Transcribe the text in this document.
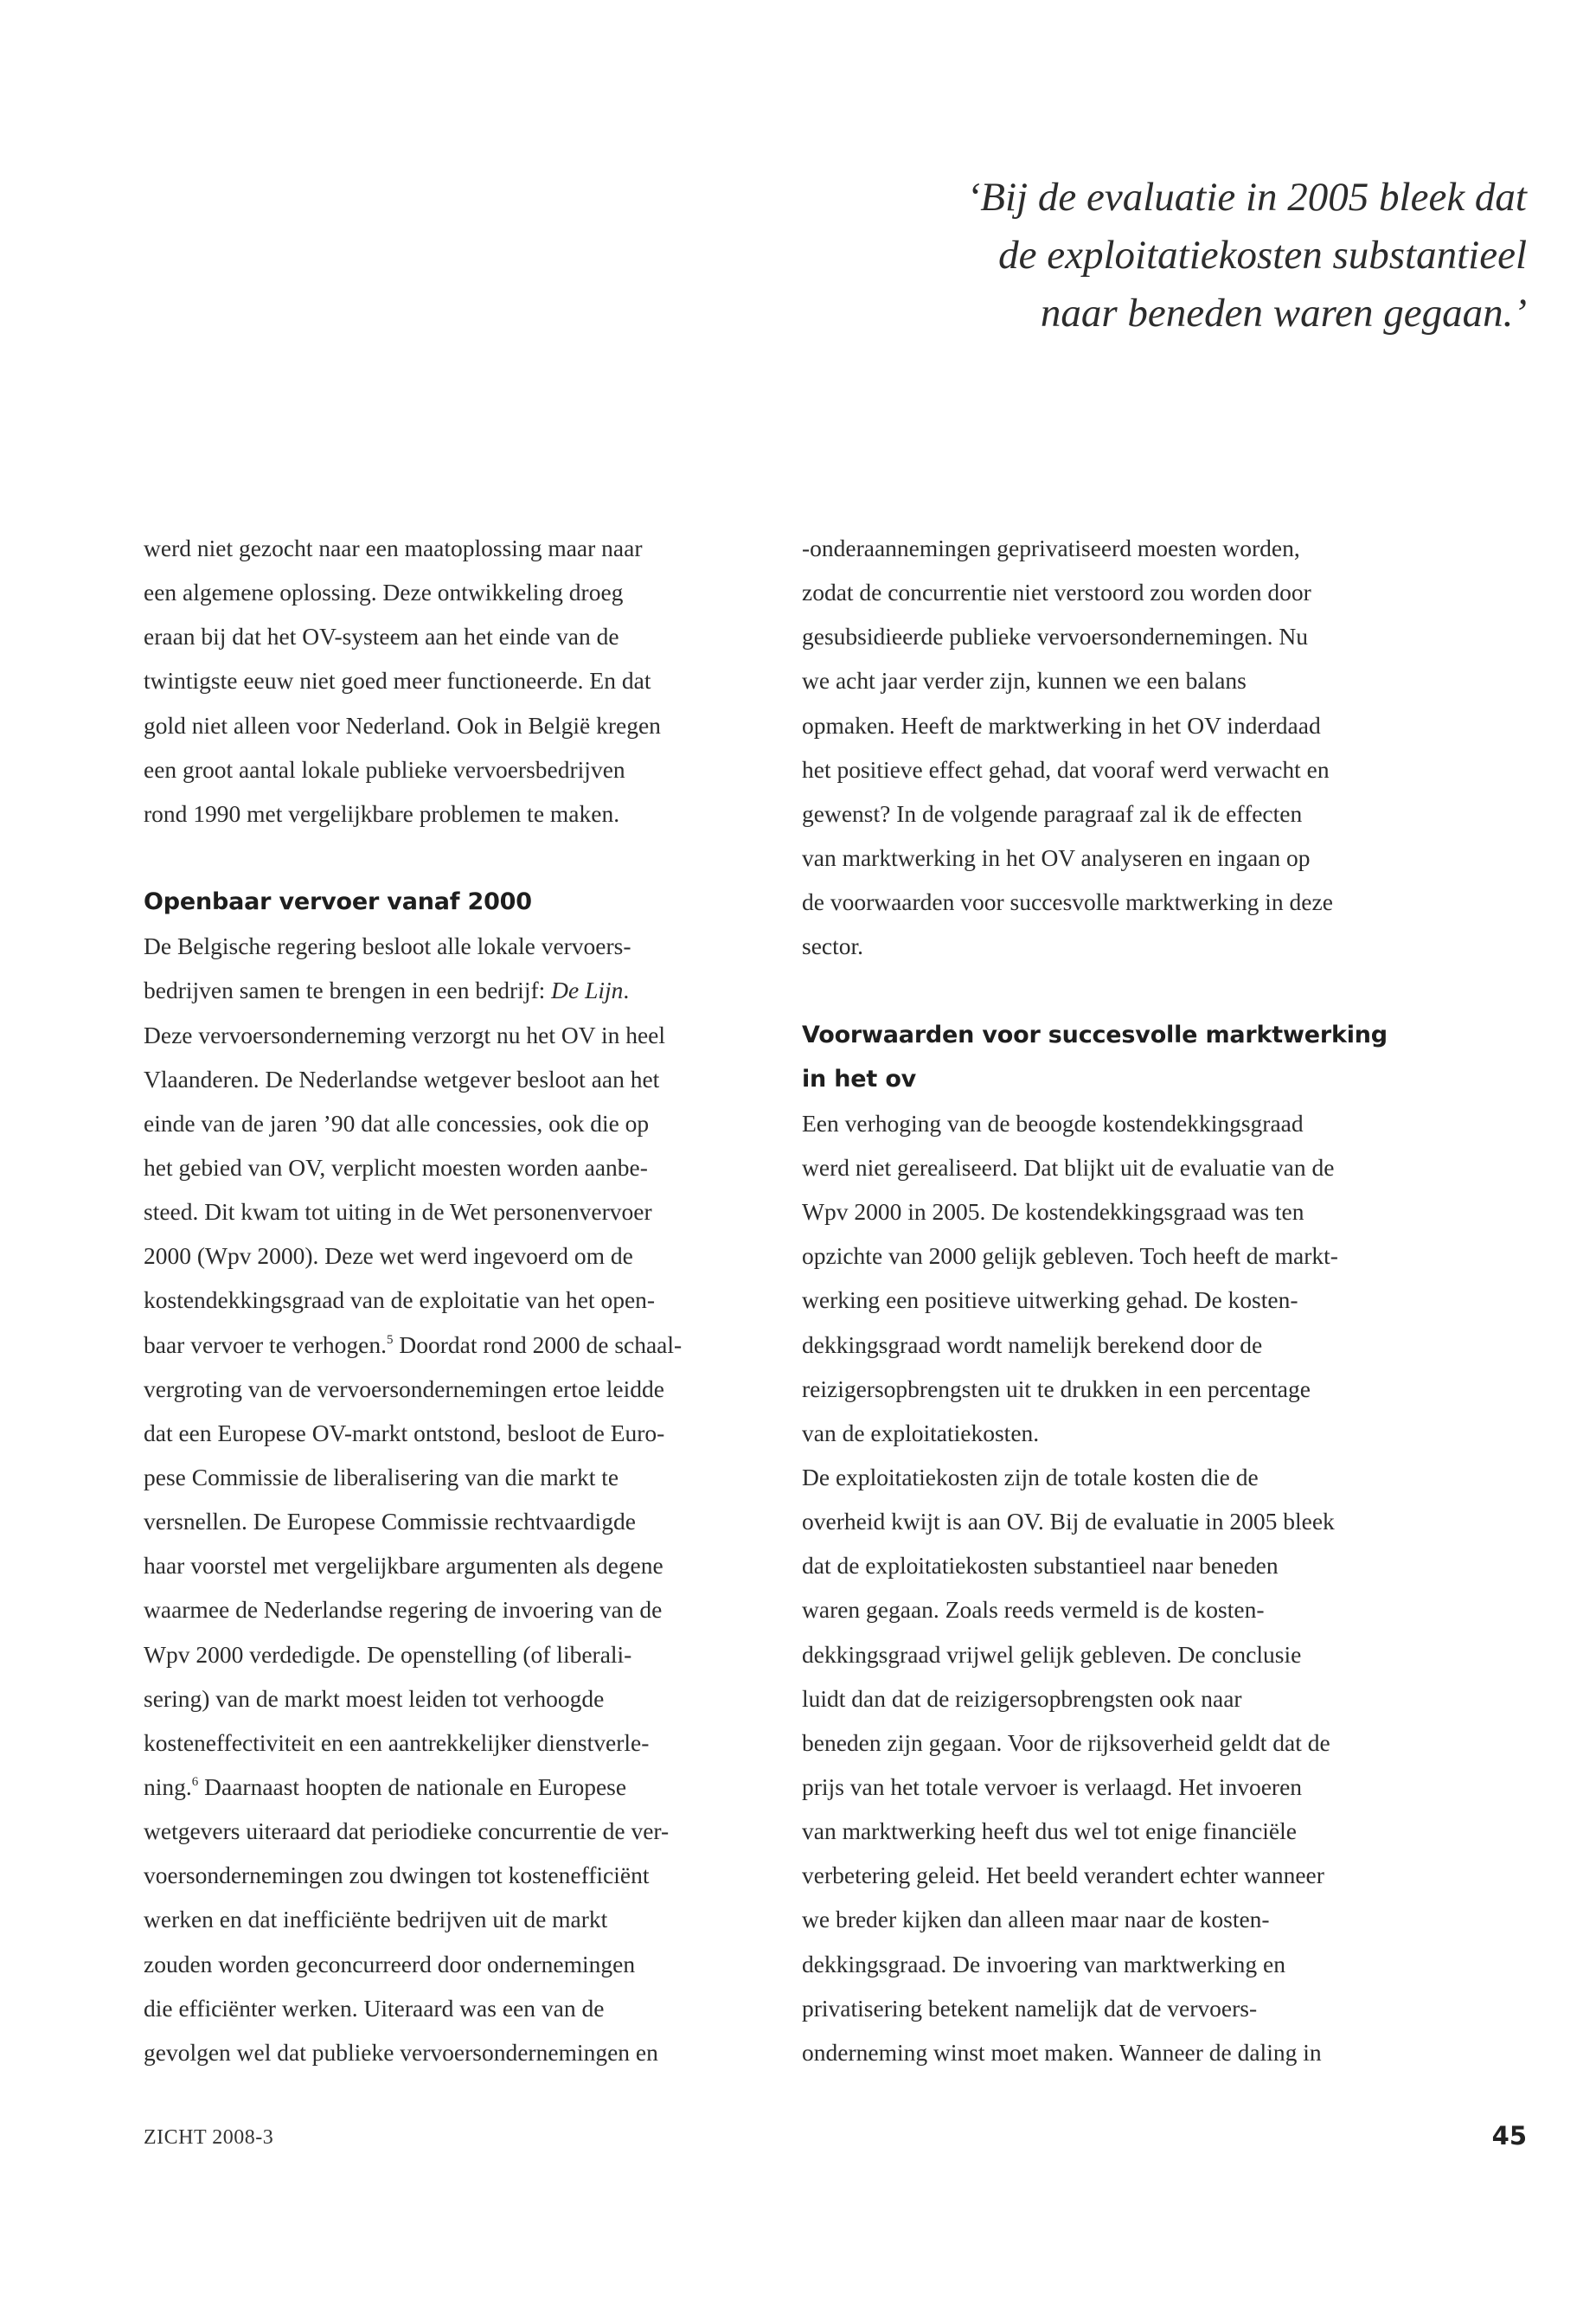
‘Bij de evaluatie in 2005 bleek dat
de exploitatiekosten substantieel
naar beneden waren gegaan.’
werd niet gezocht naar een maatoplossing maar naar
een algemene oplossing. Deze ontwikkeling droeg
eraan bij dat het OV-systeem aan het einde van de
twintigste eeuw niet goed meer functioneerde. En dat
gold niet alleen voor Nederland. Ook in België kregen
een groot aantal lokale publieke vervoersbedrijven
rond 1990 met vergelijkbare problemen te maken.
Openbaar vervoer vanaf 2000
De Belgische regering besloot alle lokale vervoers-
bedrijven samen te brengen in een bedrijf: De Lijn.
Deze vervoersonderneming verzorgt nu het OV in heel
Vlaanderen. De Nederlandse wetgever besloot aan het
einde van de jaren ’90 dat alle concessies, ook die op
het gebied van OV, verplicht moesten worden aanbe-
steed. Dit kwam tot uiting in de Wet personenvervoer
2000 (Wpv 2000). Deze wet werd ingevoerd om de
kostendekkingsgraad van de exploitatie van het open-
baar vervoer te verhogen.$^5$ Doordat rond 2000 de schaal-
vergroting van de vervoersondernemingen ertoe leidde
dat een Europese OV-markt ontstond, besloot de Euro-
pese Commissie de liberalisering van die markt te
versnellen. De Europese Commissie rechtvaardigde
haar voorstel met vergelijkbare argumenten als degene
waarmee de Nederlandse regering de invoering van de
Wpv 2000 verdedigde. De openstelling (of liberali-
sering) van de markt moest leiden tot verhoogde
kosteneffectiviteit en een aantrekkelijker dienstverle-
ning.$^6$ Daarnaast hoopten de nationale en Europese
wetgevers uiteraard dat periodieke concurrentie de ver-
voersondernemingen zou dwingen tot kostenefficiënt
werken en dat inefficiënte bedrijven uit de markt
zouden worden geconcurreerd door ondernemingen
die efficiënter werken. Uiteraard was een van de
gevolgen wel dat publieke vervoersondernemingen en
-onderaannemingen geprivatiseerd moesten worden,
zodat de concurrentie niet verstoord zou worden door
gesubsidieerde publieke vervoersondernemingen. Nu
we acht jaar verder zijn, kunnen we een balans
opmaken. Heeft de marktwerking in het OV inderdaad
het positieve effect gehad, dat vooraf werd verwacht en
gewenst? In de volgende paragraaf zal ik de effecten
van marktwerking in het OV analyseren en ingaan op
de voorwaarden voor succesvolle marktwerking in deze
sector.
Voorwaarden voor succesvolle marktwerking
in het ov
Een verhoging van de beoogde kostendekkingsgraad
werd niet gerealiseerd. Dat blijkt uit de evaluatie van de
Wpv 2000 in 2005. De kostendekkingsgraad was ten
opzichte van 2000 gelijk gebleven. Toch heeft de markt-
werking een positieve uitwerking gehad. De kosten-
dekkingsgraad wordt namelijk berekend door de
reizigersopbrengsten uit te drukken in een percentage
van de exploitatiekosten.
De exploitatiekosten zijn de totale kosten die de
overheid kwijt is aan OV. Bij de evaluatie in 2005 bleek
dat de exploitatiekosten substantieel naar beneden
waren gegaan. Zoals reeds vermeld is de kosten-
dekkingsgraad vrijwel gelijk gebleven. De conclusie
luidt dan dat de reizigersopbrengsten ook naar
beneden zijn gegaan. Voor de rijksoverheid geldt dat de
prijs van het totale vervoer is verlaagd. Het invoeren
van marktwerking heeft dus wel tot enige financiële
verbetering geleid. Het beeld verandert echter wanneer
we breder kijken dan alleen maar naar de kosten-
dekkingsgraad. De invoering van marktwerking en
privatisering betekent namelijk dat de vervoers-
onderneming winst moet maken. Wanneer de daling in
ZICHT 2008-3	45
